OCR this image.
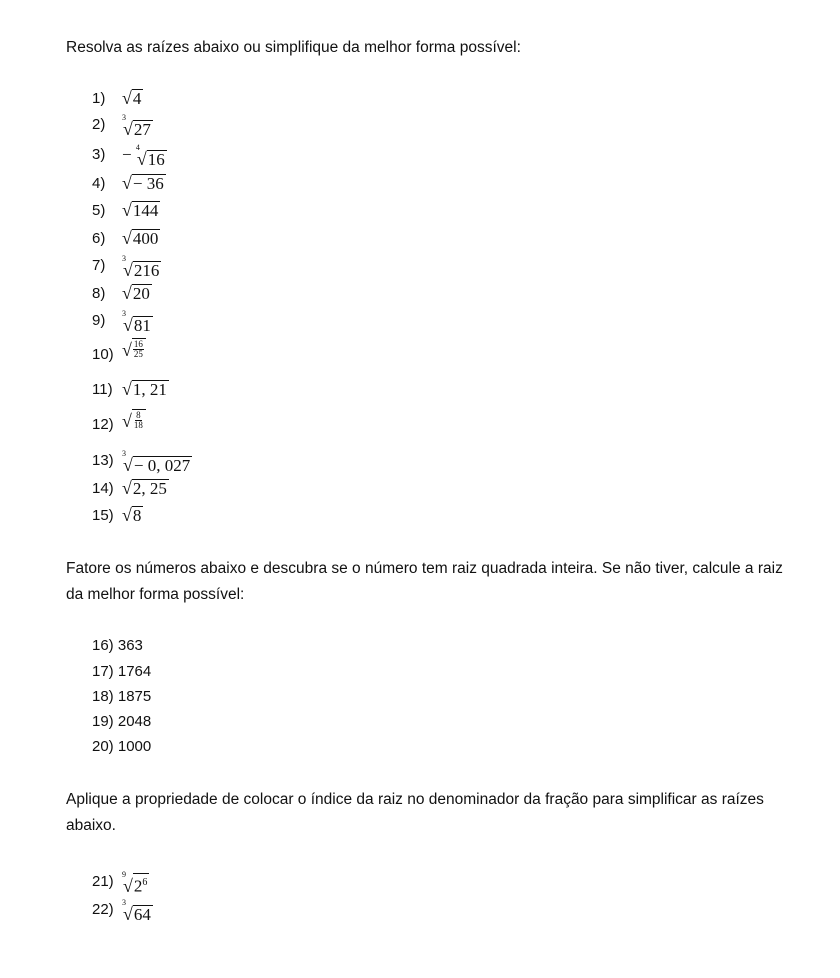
Resolva as raízes abaixo ou simplifique da melhor forma possível:
1) √ 4
2) 3
√ 27
3) − 4
√ 16
4) √ − 36
5) √ 144
6) √ 400
7) 3
√ 216
8) √ 20
9) 3
√ 81
10) √ $\frac{16}{25}$
11) √ 1, 21
12) √ $\frac{8}{18}$
13) 3
√ − 0, 027
14) √ 2, 25
15) √ 8
Fatore os números abaixo e descubra se o número tem raiz quadrada inteira. Se não tiver, calcule a raiz da melhor forma possível:
16) 363
17) 1764
18) 1875
19) 2048
20) 1000
Aplique a propriedade de colocar o índice da raiz no denominador da fração para simplificar as raízes abaixo.
21) 9
√ $2^6$
22) 3
√ 64
